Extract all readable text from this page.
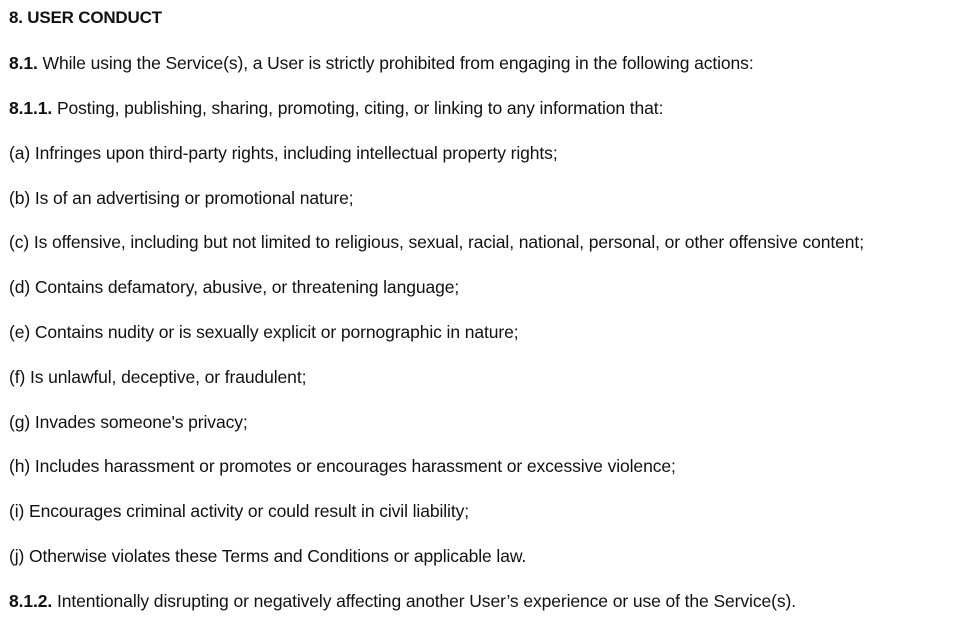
8. USER CONDUCT

8.1. While using the Service(s), a User is strictly prohibited from engaging in the following actions:

8.1.1. Posting, publishing, sharing, promoting, citing, or linking to any information that:

(a) Infringes upon third-party rights, including intellectual property rights;

(b) Is of an advertising or promotional nature;

(c) Is offensive, including but not limited to religious, sexual, racial, national, personal, or other offensive content;

(d) Contains defamatory, abusive, or threatening language;

(e) Contains nudity or is sexually explicit or pornographic in nature;

(f) Is unlawful, deceptive, or fraudulent;

(g) Invades someone's privacy;

(h) Includes harassment or promotes or encourages harassment or excessive violence;

(i) Encourages criminal activity or could result in civil liability;

(j) Otherwise violates these Terms and Conditions or applicable law.

8.1.2. Intentionally disrupting or negatively affecting another User’s experience or use of the Service(s).
